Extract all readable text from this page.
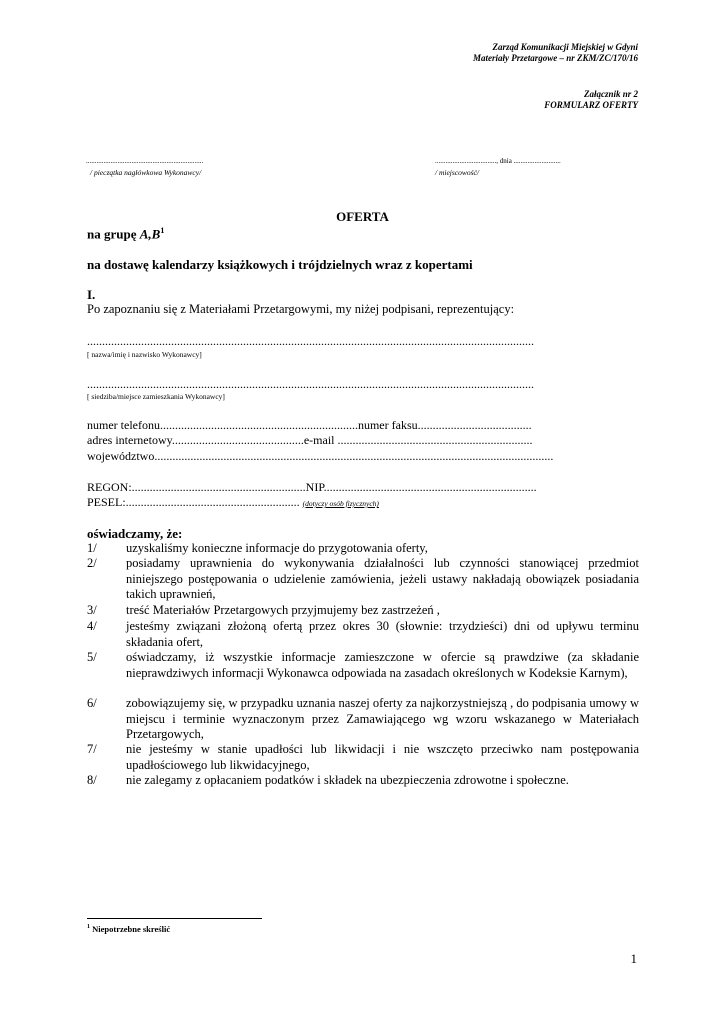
Zarząd Komunikacji Miejskiej w Gdyni
Materiały Przetargowe – nr ZKM/ZC/170/16
Załącznik nr 2
FORMULARZ OFERTY
...................................................................
/ pieczątka nagłówkowa Wykonawcy/
..................................., dnia ...........................
/ miejscowość/
OFERTA
na grupę $A,B^1$
na dostawę kalendarzy książkowych i trójdzielnych wraz z kopertami
I.
Po zapoznaniu się z Materiałami Przetargowymi, my niżej podpisani, reprezentujący:
.....................................................................................................................................................
[ nazwa/imię i nazwisko Wykonawcy]
.....................................................................................................................................................
[ siedziba/miejsce zamieszkania Wykonawcy]
numer telefonu..................................................................numer faksu......................................
adres internetowy............................................e-mail .................................................................
województwo.....................................................................................................................................
REGON:..........................................................NIP.......................................................................
PESEL:.......................................................... (dotyczy osób fizycznych)
oświadczamy, że:
1/ uzyskaliśmy konieczne informacje do przygotowania oferty,
2/ posiadamy uprawnienia do wykonywania działalności lub czynności stanowiącej przedmiot niniejszego postępowania o udzielenie zamówienia, jeżeli ustawy nakładają obowiązek posiadania takich uprawnień,
3/ treść Materiałów Przetargowych przyjmujemy bez zastrzeżeń ,
4/ jesteśmy związani złożoną ofertą przez okres 30 (słownie: trzydzieści) dni od upływu terminu składania ofert,
5/ oświadczamy, iż wszystkie informacje zamieszczone w ofercie są prawdziwe (za składanie nieprawdziwych informacji Wykonawca odpowiada na zasadach określonych w Kodeksie Karnym),
6/ zobowiązujemy się, w przypadku uznania naszej oferty za najkorzystniejszą , do podpisania umowy w miejscu i terminie wyznaczonym przez Zamawiającego wg wzoru wskazanego w Materiałach Przetargowych,
7/ nie jesteśmy w stanie upadłości lub likwidacji i nie wszczęto przeciwko nam postępowania upadłościowego lub likwidacyjnego,
8/ nie zalegamy z opłacaniem podatków i składek na ubezpieczenia zdrowotne i społeczne.
$^1$ Niepotrzebne skreślić
1
